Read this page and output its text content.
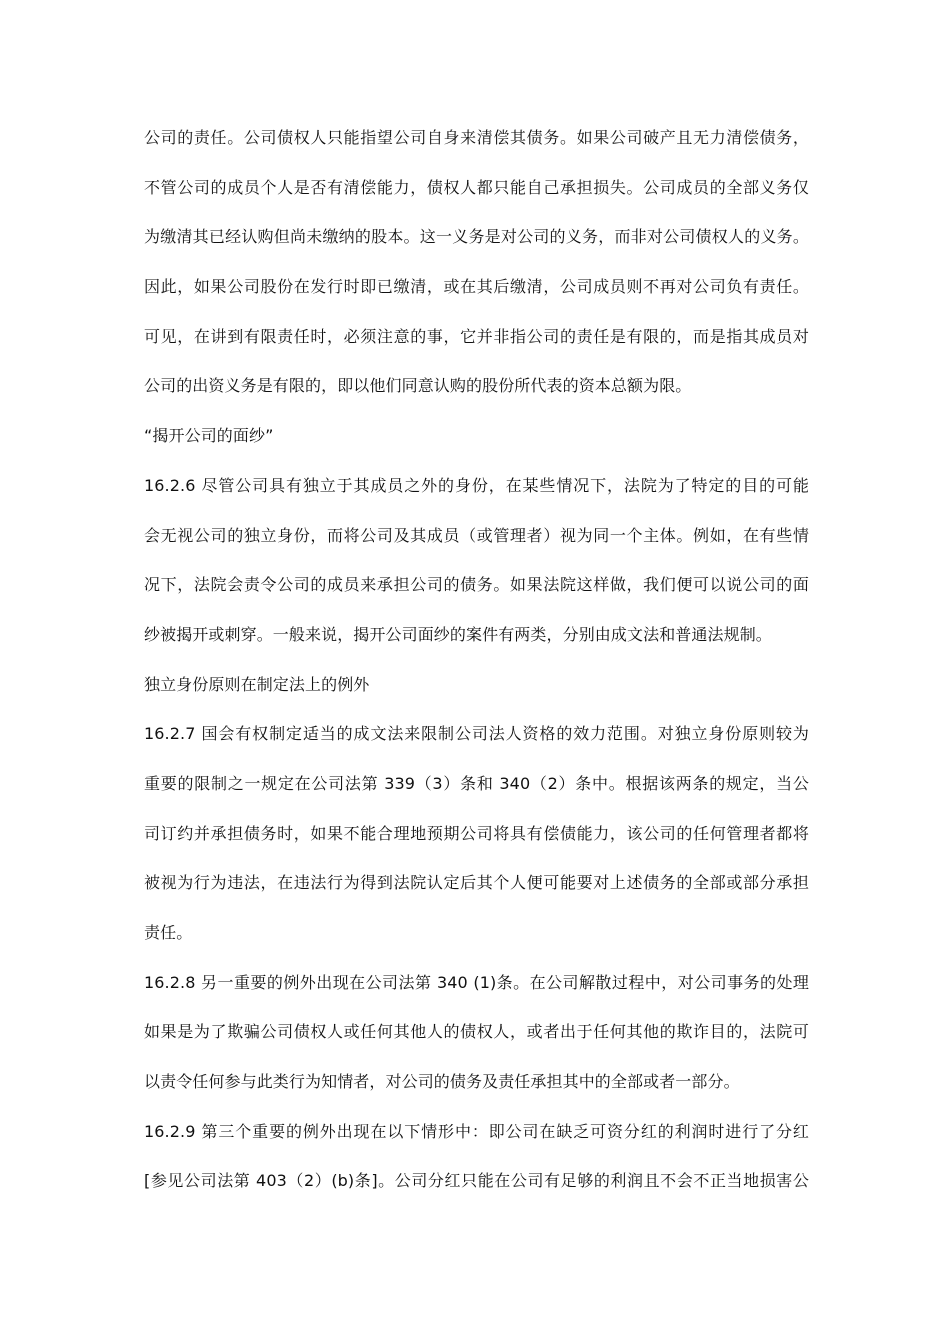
公司的责任。公司债权人只能指望公司自身来清偿其债务。如果公司破产且无力清偿债务，
不管公司的成员个人是否有清偿能力，债权人都只能自己承担损失。公司成员的全部义务仅
为缴清其已经认购但尚未缴纳的股本。这一义务是对公司的义务，而非对公司债权人的义务。
因此，如果公司股份在发行时即已缴清，或在其后缴清，公司成员则不再对公司负有责任。
可见，在讲到有限责任时，必须注意的事，它并非指公司的责任是有限的，而是指其成员对
公司的出资义务是有限的，即以他们同意认购的股份所代表的资本总额为限。
“揭开公司的面纱”
16.2.6 尽管公司具有独立于其成员之外的身份，在某些情况下，法院为了特定的目的可能
会无视公司的独立身份，而将公司及其成员（或管理者）视为同一个主体。例如，在有些情
况下，法院会责令公司的成员来承担公司的债务。如果法院这样做，我们便可以说公司的面
纱被揭开或刺穿。一般来说，揭开公司面纱的案件有两类，分别由成文法和普通法规制。
独立身份原则在制定法上的例外
16.2.7 国会有权制定适当的成文法来限制公司法人资格的效力范围。对独立身份原则较为
重要的限制之一规定在公司法第 339（3）条和 340（2）条中。根据该两条的规定，当公
司订约并承担债务时，如果不能合理地预期公司将具有偿债能力，该公司的任何管理者都将
被视为行为违法，在违法行为得到法院认定后其个人便可能要对上述债务的全部或部分承担
责任。
16.2.8 另一重要的例外出现在公司法第 340 (1)条。在公司解散过程中，对公司事务的处理
如果是为了欺骗公司债权人或任何其他人的债权人，或者出于任何其他的欺诈目的，法院可
以责令任何参与此类行为知情者，对公司的债务及责任承担其中的全部或者一部分。
16.2.9 第三个重要的例外出现在以下情形中：即公司在缺乏可资分红的利润时进行了分红
[参见公司法第 403（2）(b)条]。公司分红只能在公司有足够的利润且不会不正当地损害公
